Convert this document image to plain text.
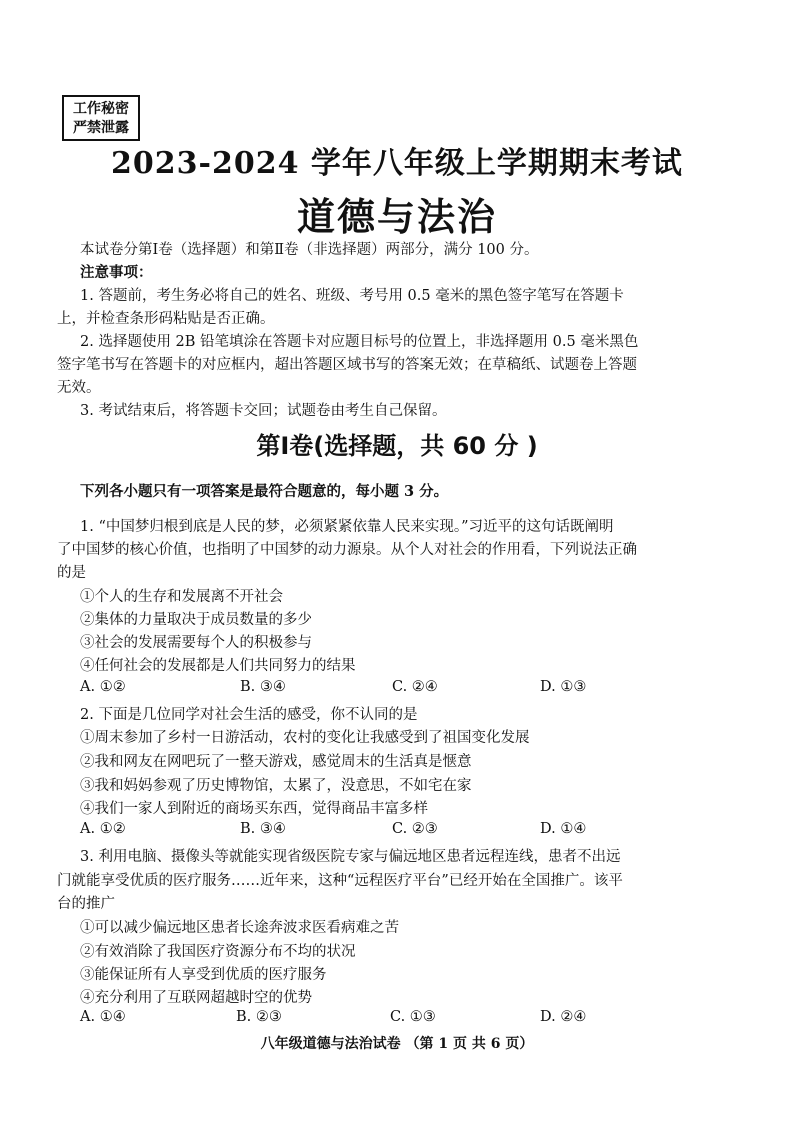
工作秘密
严禁泄露
2023-2024 学年八年级上学期期末考试
道德与法治
本试卷分第Ⅰ卷（选择题）和第Ⅱ卷（非选择题）两部分，满分 100 分。
注意事项：
1. 答题前，考生务必将自己的姓名、班级、考号用 0.5 毫米的黑色签字笔写在答题卡
上，并检查条形码粘贴是否正确。
2. 选择题使用 2B 铅笔填涂在答题卡对应题目标号的位置上，非选择题用 0.5 毫米黑色
签字笔书写在答题卡的对应框内，超出答题区域书写的答案无效；在草稿纸、试题卷上答题
无效。
3. 考试结束后，将答题卡交回；试题卷由考生自己保留。
第Ⅰ卷(选择题，共 60 分 )
下列各小题只有一项答案是最符合题意的，每小题 3 分。
1. “中国梦归根到底是人民的梦，必须紧紧依靠人民来实现。”习近平的这句话既阐明
了中国梦的核心价值，也指明了中国梦的动力源泉。从个人对社会的作用看，下列说法正确
的是
①个人的生存和发展离不开社会
②集体的力量取决于成员数量的多少
③社会的发展需要每个人的积极参与
④任何社会的发展都是人们共同努力的结果
A. ①②	B. ③④	C. ②④	D. ①③
2. 下面是几位同学对社会生活的感受，你不认同的是
①周末参加了乡村一日游活动，农村的变化让我感受到了祖国变化发展
②我和网友在网吧玩了一整天游戏，感觉周末的生活真是惬意
③我和妈妈参观了历史博物馆，太累了，没意思，不如宅在家
④我们一家人到附近的商场买东西，觉得商品丰富多样
A. ①②	B. ③④	C. ②③	D. ①④
3. 利用电脑、摄像头等就能实现省级医院专家与偏远地区患者远程连线，患者不出远
门就能享受优质的医疗服务……近年来，这种“远程医疗平台”已经开始在全国推广。该平
台的推广
①可以减少偏远地区患者长途奔波求医看病难之苦
②有效消除了我国医疗资源分布不均的状况
③能保证所有人享受到优质的医疗服务
④充分利用了互联网超越时空的优势
A. ①④	B. ②③	C. ①③	D. ②④
八年级道德与法治试卷 （第 1 页 共 6 页）
